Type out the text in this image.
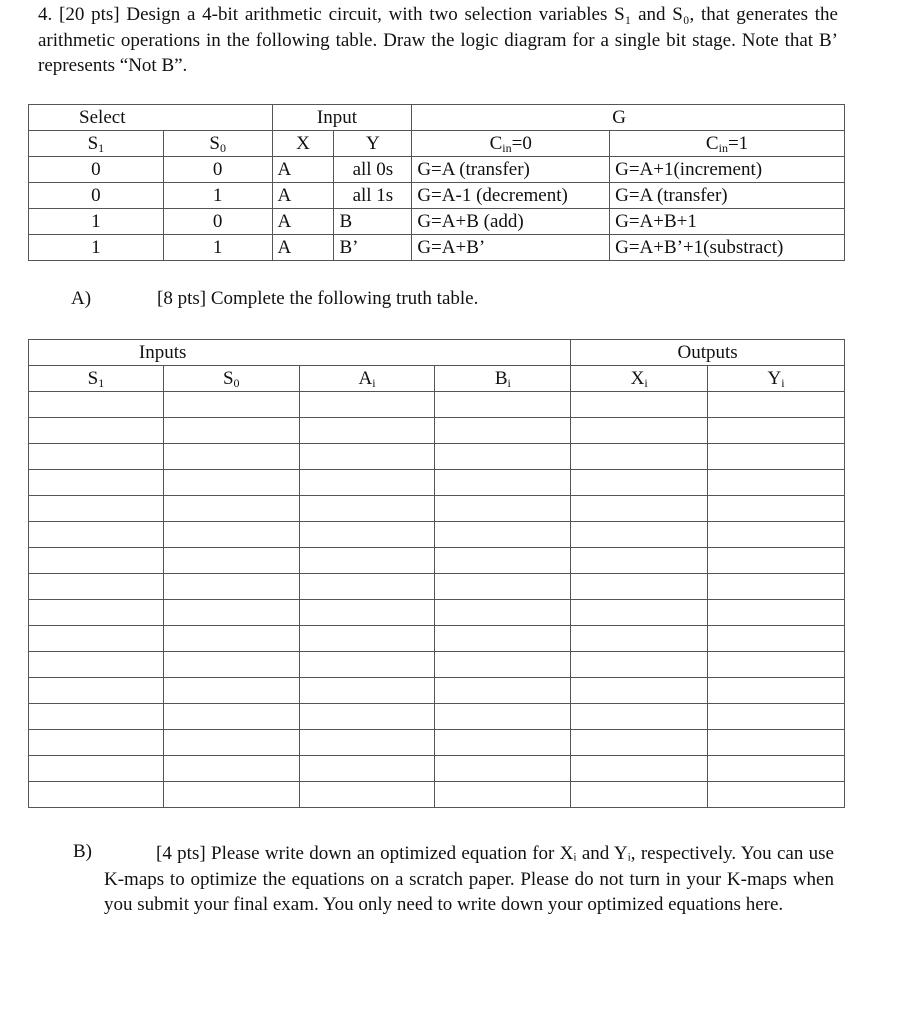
4. [20 pts] Design a 4-bit arithmetic circuit, with two selection variables S₁ and S₀, that generates the arithmetic operations in the following table. Draw the logic diagram for a single bit stage. Note that B’ represents “Not B”.
Select		Input		G	
$S_1$	$S_0$	X	Y	$C_{in}=0$	$C_{in}=1$
0	0	A	all 0s	G=A (transfer)	G=A+1(increment)
0	1	A	all 1s	G=A-1 (decrement)	G=A (transfer)
1	0	A	B	G=A+B (add)	G=A+B+1
1	1	A	B’	G=A+B’	G=A+B’+1(substract)
A)	[8 pts] Complete the following truth table.
Inputs				Outputs	
$S_1$	$S_0$	$A_i$	$B_i$	$X_i$	$Y_i$

B)	[4 pts] Please write down an optimized equation for Xᵢ and Yᵢ, respectively. You can use K-maps to optimize the equations on a scratch paper. Please do not turn in your K-maps when you submit your final exam. You only need to write down your optimized equations here.
